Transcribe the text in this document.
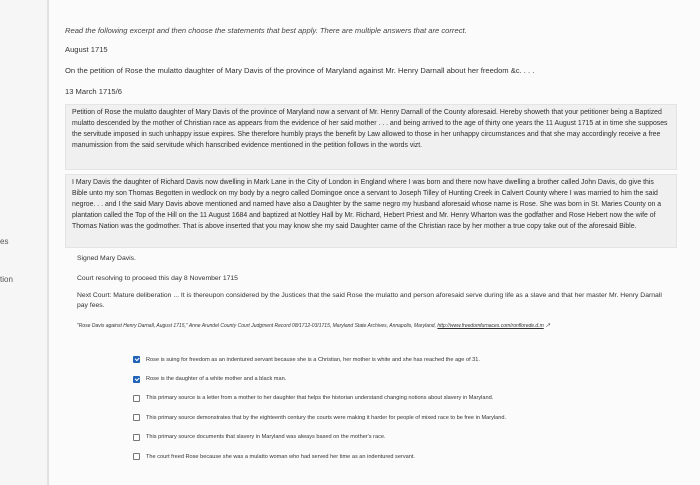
es
tion
Read the following excerpt and then choose the statements that best apply. There are multiple answers that are correct.
August 1715
On the petition of Rose the mulatto daughter of Mary Davis of the province of Maryland against Mr. Henry Darnall about her freedom &c. . . .
13 March 1715/6
Petition of Rose the mulatto daughter of Mary Davis of the province of Maryland now a servant of Mr. Henry Darnall of the County aforesaid. Hereby showeth that your petitioner being a Baptized mulatto descended by the mother of Christian race as appears from the evidence of her said mother . . . and being arrived to the age of thirty one years the 11 August 1715 at in time she supposes the servitude imposed in such unhappy issue expires. She therefore humbly prays the benefit by Law allowed to those in her unhappy circumstances and that she may accordingly receive a free manumission from the said servitude which hanscribed evidence mentioned in the petition follows in the words vizt.
I Mary Davis the daughter of Richard Davis now dwelling in Mark Lane in the City of London in England where I was born and there now have dwelling a brother called John Davis, do give this Bible unto my son Thomas Begotten in wedlock on my body by a negro called Domingoe once a servant to Joseph Tilley of Hunting Creek in Calvert County where I was married to him the said negroe. . . and I the said Mary Davis above mentioned and named have also a Daughter by the same negro my husband aforesaid whose name is Rose. She was born in St. Maries County on a plantation called the Top of the Hill on the 11 August 1684 and baptized at Nottley Hall by Mr. Richard, Hebert Priest and Mr. Henry Wharton was the godfather and Rose Hebert now the wife of Thomas Nation was the godmother. That is above inserted that you may know she my said Daughter came of the Christian race by her mother a true copy take out of the aforesaid Bible.
Signed Mary Davis.
Court resolving to proceed this day 8 November 1715
Next Court: Mature deliberation ... It is thereupon considered by the Justices that the said Rose the mulatto and person aforesaid serve during life as a slave and that her master Mr. Henry Darnall pay fees.
"Rose Davis against Henry Darnall, August 1715," Anne Arundel County Court Judgment Record 08/1712-03/1715, Maryland State Archives, Annapolis, Maryland, http://www.freedomfurnaces.com/ronflorede.d.m ↗
Rose is suing for freedom as an indentured servant because she is a Christian, her mother is white and she has reached the age of 31.
Rose is the daughter of a white mother and a black man.
This primary source is a letter from a mother to her daughter that helps the historian understand changing notions about slavery in Maryland.
This primary source demonstrates that by the eighteenth century the courts were making it harder for people of mixed race to be free in Maryland.
This primary source documents that slavery in Maryland was always based on the mother's race.
The court freed Rose because she was a mulatto woman who had served her time as an indentured servant.
